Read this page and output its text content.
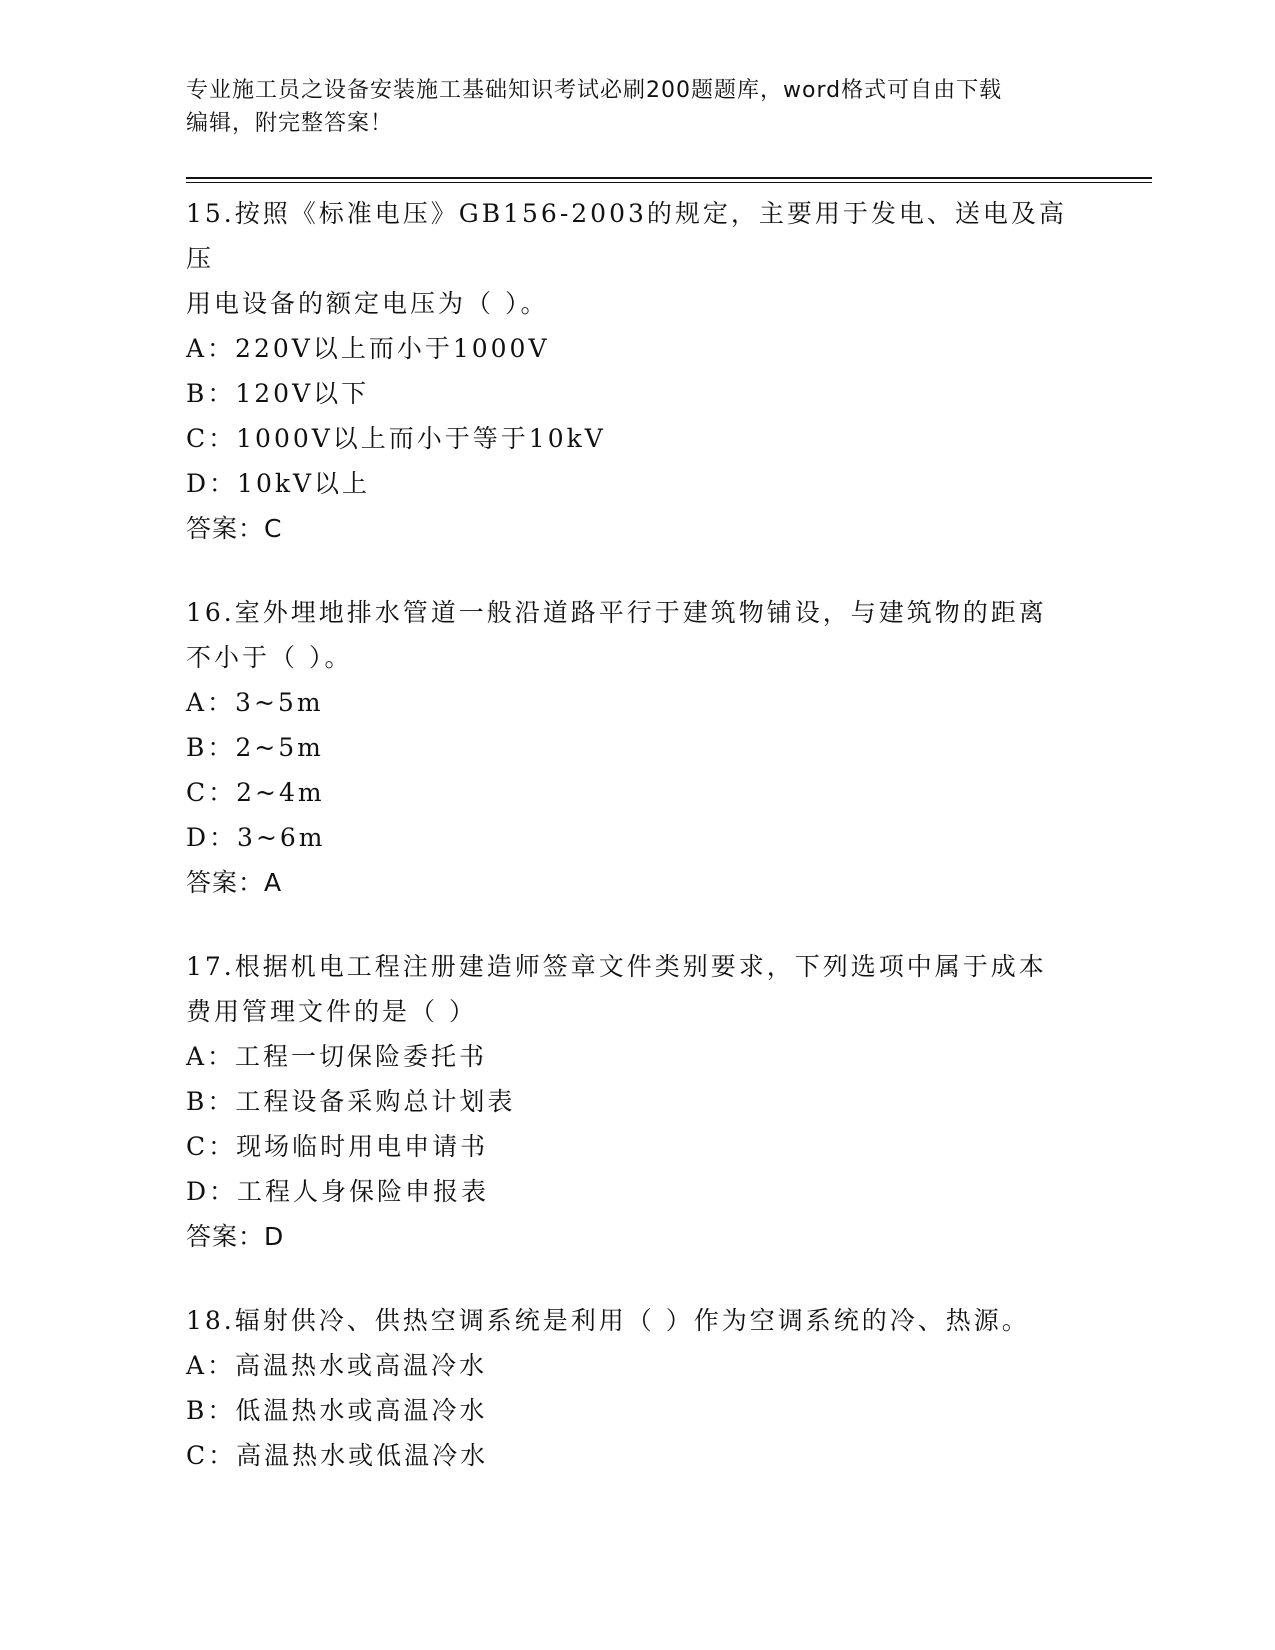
专业施工员之设备安装施工基础知识考试必刷200题题库，word格式可自由下载
编辑，附完整答案！

15.按照《标准电压》GB156-2003的规定，主要用于发电、送电及高压

用电设备的额定电压为（ ）。

A：220V以上而小于1000V

B：120V以下

C：1000V以上而小于等于10kV

D：10kV以上

答案：C

16.室外埋地排水管道一般沿道路平行于建筑物铺设，与建筑物的距离

不小于（ ）。

A：3~5m

B：2~5m

C：2~4m

D：3~6m

答案：A

17.根据机电工程注册建造师签章文件类别要求，下列选项中属于成本

费用管理文件的是（ ）

A：工程一切保险委托书

B：工程设备采购总计划表

C：现场临时用电申请书

D：工程人身保险申报表

答案：D

18.辐射供冷、供热空调系统是利用（ ）作为空调系统的冷、热源。

A：高温热水或高温冷水

B：低温热水或高温冷水

C：高温热水或低温冷水
